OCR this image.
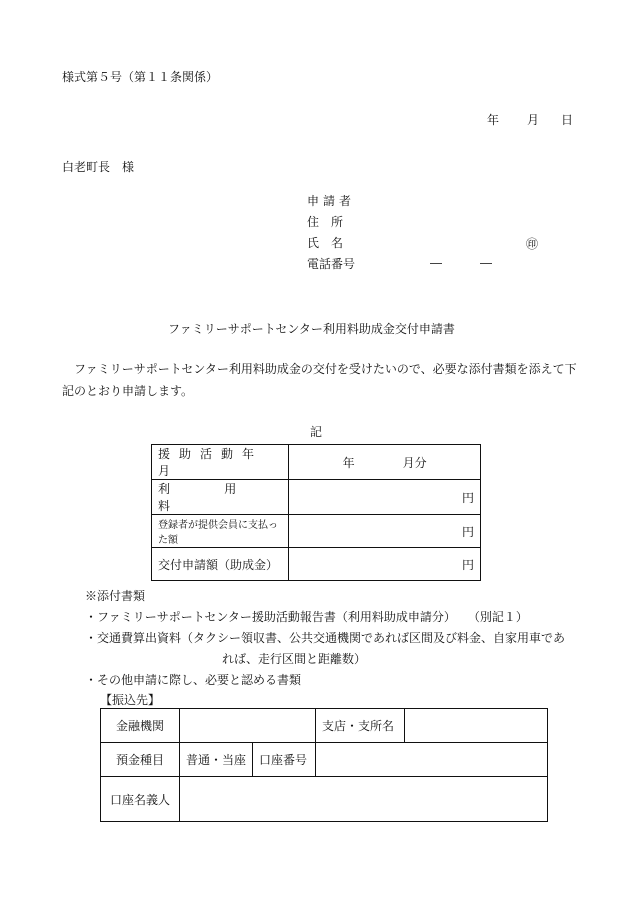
様式第５号（第１１条関係）
年 月 日
白老町長　様
申請者
住　所
氏　名
電話番号
㊞
―	―
ファミリーサポートセンター利用料助成金交付申請書
　ファミリーサポートセンター利用料助成金の交付を受けたいので、必要な添付書類を添えて下記のとおり申請します。
記
援助活動年月	年　　　　月分
利用料	円
登録者が提供会員に支払った額	円
交付申請額（助成金）	円
※添付書類
・ファミリーサポートセンター援助活動報告書（利用料助成申請分）　　（別記１）
・交通費算出資料（タクシー領収書、公共交通機関であれば区間及び料金、自家用車であ
れば、走行区間と距離数）
・その他申請に際し、必要と認める書類
【振込先】
金融機関			支店・支所名	
預金種目	普通・当座	口座番号		
口座名義人				
